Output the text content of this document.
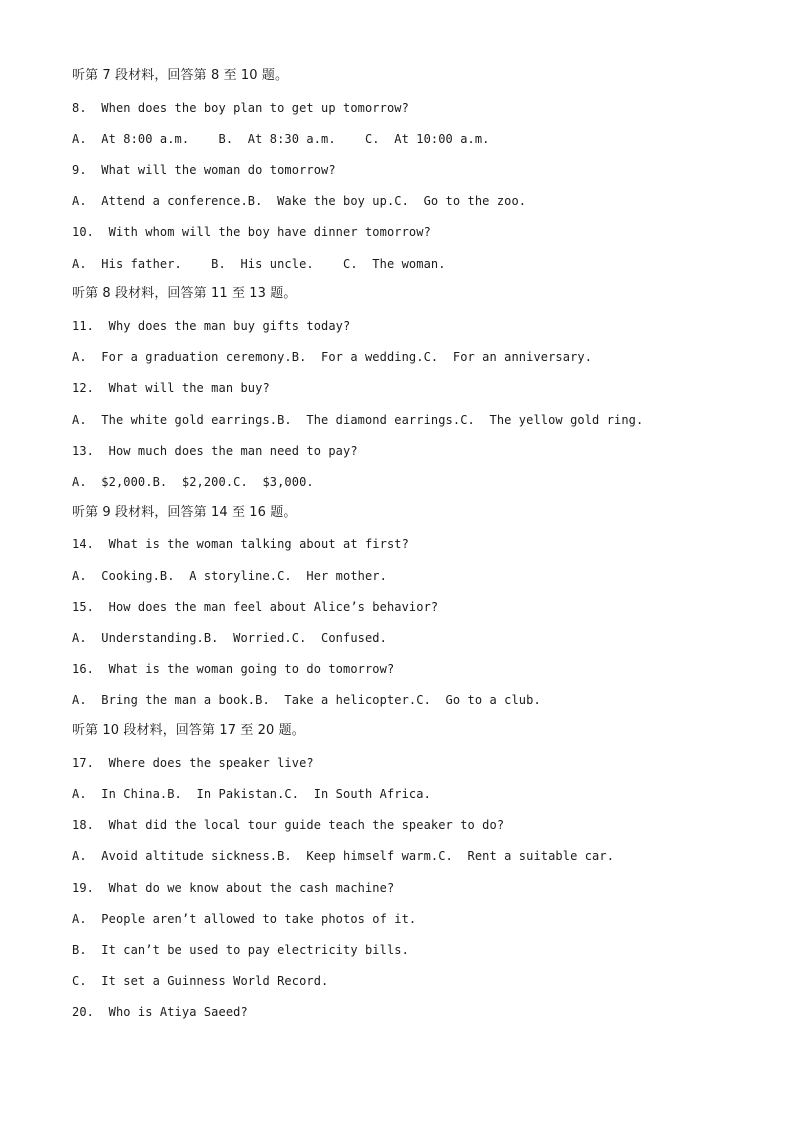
听第 7 段材料，回答第 8 至 10 题。
8.  When does the boy plan to get up tomorrow?
A.  At 8:00 a.m.    B.  At 8:30 a.m.    C.  At 10:00 a.m.
9.  What will the woman do tomorrow?
A.  Attend a conference.B.  Wake the boy up.C.  Go to the zoo.
10.  With whom will the boy have dinner tomorrow?
A.  His father.    B.  His uncle.    C.  The woman.
听第 8 段材料，回答第 11 至 13 题。
11.  Why does the man buy gifts today?
A.  For a graduation ceremony.B.  For a wedding.C.  For an anniversary.
12.  What will the man buy?
A.  The white gold earrings.B.  The diamond earrings.C.  The yellow gold ring.
13.  How much does the man need to pay?
A.  $2,000.B.  $2,200.C.  $3,000.
听第 9 段材料，回答第 14 至 16 题。
14.  What is the woman talking about at first?
A.  Cooking.B.  A storyline.C.  Her mother.
15.  How does the man feel about Alice’s behavior?
A.  Understanding.B.  Worried.C.  Confused.
16.  What is the woman going to do tomorrow?
A.  Bring the man a book.B.  Take a helicopter.C.  Go to a club.
听第 10 段材料，回答第 17 至 20 题。
17.  Where does the speaker live?
A.  In China.B.  In Pakistan.C.  In South Africa.
18.  What did the local tour guide teach the speaker to do?
A.  Avoid altitude sickness.B.  Keep himself warm.C.  Rent a suitable car.
19.  What do we know about the cash machine?
A.  People aren’t allowed to take photos of it.
B.  It can’t be used to pay electricity bills.
C.  It set a Guinness World Record.
20.  Who is Atiya Saeed?
